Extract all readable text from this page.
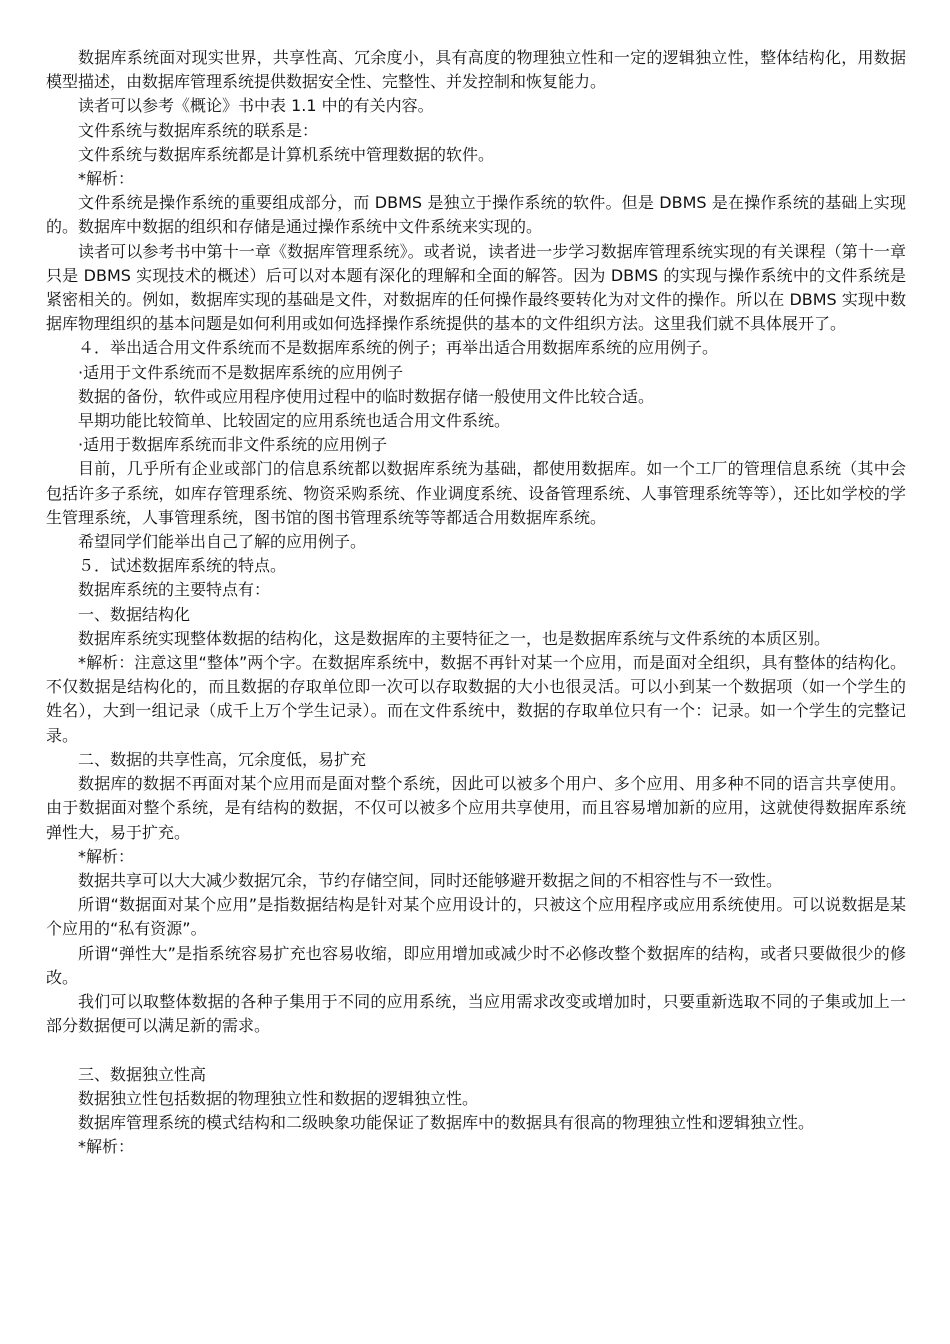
数据库系统面对现实世界，共享性高、冗余度小，具有高度的物理独立性和一定的逻辑独立性，整体结构化，用数据模型描述，由数据库管理系统提供数据安全性、完整性、并发控制和恢复能力。

读者可以参考《概论》书中表 1.1 中的有关内容。

文件系统与数据库系统的联系是：

文件系统与数据库系统都是计算机系统中管理数据的软件。

*解析：

文件系统是操作系统的重要组成部分，而 DBMS 是独立于操作系统的软件。但是 DBMS 是在操作系统的基础上实现的。数据库中数据的组织和存储是通过操作系统中文件系统来实现的。

读者可以参考书中第十一章《数据库管理系统》。或者说，读者进一步学习数据库管理系统实现的有关课程（第十一章只是 DBMS 实现技术的概述）后可以对本题有深化的理解和全面的解答。因为 DBMS 的实现与操作系统中的文件系统是紧密相关的。例如，数据库实现的基础是文件，对数据库的任何操作最终要转化为对文件的操作。所以在 DBMS 实现中数据库物理组织的基本问题是如何利用或如何选择操作系统提供的基本的文件组织方法。这里我们就不具体展开了。

４．举出适合用文件系统而不是数据库系统的例子；再举出适合用数据库系统的应用例子。

·适用于文件系统而不是数据库系统的应用例子

数据的备份，软件或应用程序使用过程中的临时数据存储一般使用文件比较合适。

早期功能比较简单、比较固定的应用系统也适合用文件系统。

·适用于数据库系统而非文件系统的应用例子

目前，几乎所有企业或部门的信息系统都以数据库系统为基础，都使用数据库。如一个工厂的管理信息系统（其中会包括许多子系统，如库存管理系统、物资采购系统、作业调度系统、设备管理系统、人事管理系统等等），还比如学校的学生管理系统，人事管理系统，图书馆的图书管理系统等等都适合用数据库系统。

希望同学们能举出自己了解的应用例子。

５．试述数据库系统的特点。

数据库系统的主要特点有：

一、数据结构化

数据库系统实现整体数据的结构化，这是数据库的主要特征之一，也是数据库系统与文件系统的本质区别。

*解析：注意这里“整体”两个字。在数据库系统中，数据不再针对某一个应用，而是面对全组织，具有整体的结构化。不仅数据是结构化的，而且数据的存取单位即一次可以存取数据的大小也很灵活。可以小到某一个数据项（如一个学生的姓名），大到一组记录（成千上万个学生记录）。而在文件系统中，数据的存取单位只有一个：记录。如一个学生的完整记录。

二、数据的共享性高，冗余度低，易扩充

数据库的数据不再面对某个应用而是面对整个系统，因此可以被多个用户、多个应用、用多种不同的语言共享使用。由于数据面对整个系统，是有结构的数据，不仅可以被多个应用共享使用，而且容易增加新的应用，这就使得数据库系统弹性大，易于扩充。

*解析：

数据共享可以大大减少数据冗余，节约存储空间，同时还能够避开数据之间的不相容性与不一致性。

所谓“数据面对某个应用”是指数据结构是针对某个应用设计的，只被这个应用程序或应用系统使用。可以说数据是某个应用的“私有资源”。

所谓“弹性大”是指系统容易扩充也容易收缩，即应用增加或减少时不必修改整个数据库的结构，或者只要做很少的修改。

我们可以取整体数据的各种子集用于不同的应用系统，当应用需求改变或增加时，只要重新选取不同的子集或加上一部分数据便可以满足新的需求。

三、数据独立性高

数据独立性包括数据的物理独立性和数据的逻辑独立性。

数据库管理系统的模式结构和二级映象功能保证了数据库中的数据具有很高的物理独立性和逻辑独立性。

*解析：
